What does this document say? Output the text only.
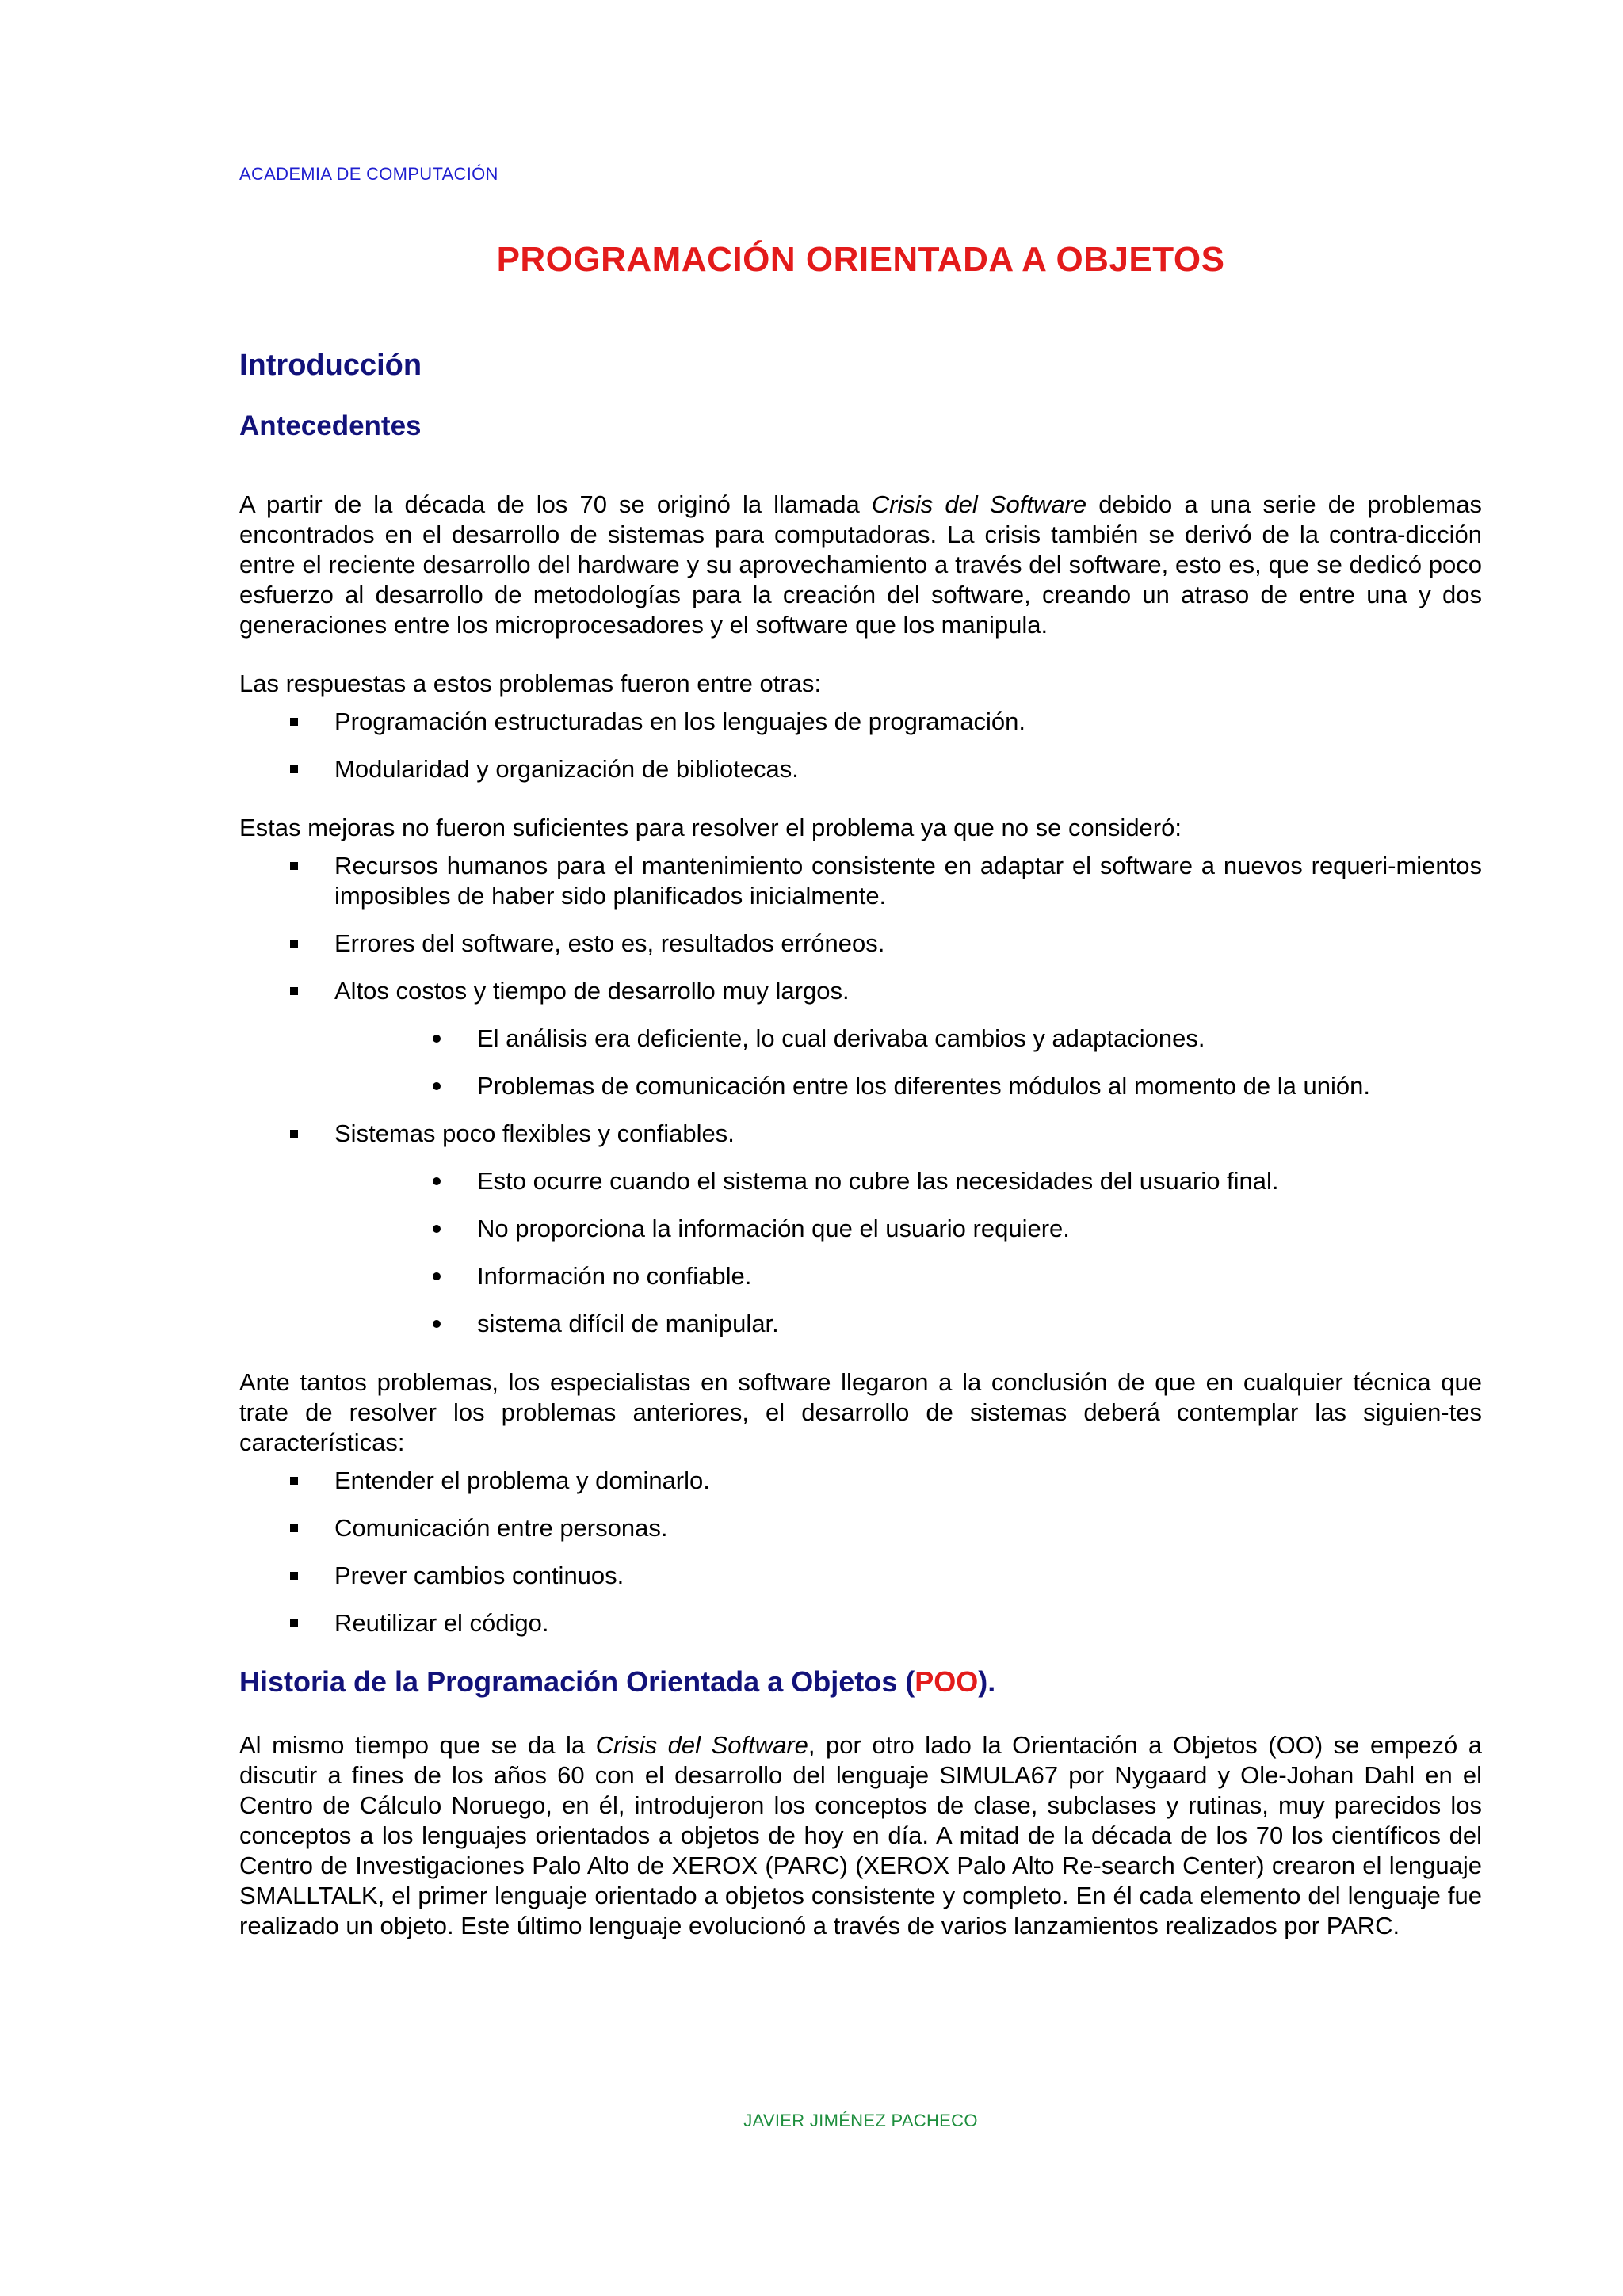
ACADEMIA DE COMPUTACIÓN
PROGRAMACIÓN ORIENTADA A OBJETOS
Introducción
Antecedentes

A partir de la década de los 70 se originó la llamada Crisis del Software debido a una serie de problemas encontrados en el desarrollo de sistemas para computadoras. La crisis también se derivó de la contra-dicción entre el reciente desarrollo del hardware y su aprovechamiento a través del software, esto es, que se dedicó poco esfuerzo al desarrollo de metodologías para la creación del software, creando un atraso de entre una y dos generaciones entre los microprocesadores y el software que los manipula.

Las respuestas a estos problemas fueron entre otras:

Programación estructuradas en los lenguajes de programación.
Modularidad y organización de bibliotecas.

Estas mejoras no fueron suficientes para resolver el problema ya que no se consideró:

Recursos humanos para el mantenimiento consistente en adaptar el software a nuevos requeri-mientos imposibles de haber sido planificados inicialmente.
Errores del software, esto es, resultados erróneos.
Altos costos y tiempo de desarrollo muy largos.
El análisis era deficiente, lo cual derivaba cambios y adaptaciones.
Problemas de comunicación entre los diferentes módulos al momento de la unión.
Sistemas poco flexibles y confiables.
Esto ocurre cuando el sistema no cubre las necesidades del usuario final.
No proporciona la información que el usuario requiere.
Información no confiable.
sistema difícil de manipular.

Ante tantos problemas, los especialistas en software llegaron a la conclusión de que en cualquier técnica que trate de resolver los problemas anteriores, el desarrollo de sistemas deberá contemplar las siguien-tes características:

Entender el problema y dominarlo.
Comunicación entre personas.
Prever cambios continuos.
Reutilizar el código.
Historia de la Programación Orientada a Objetos (POO).

Al mismo tiempo que se da la Crisis del Software, por otro lado la Orientación a Objetos (OO) se empezó a discutir a fines de los años 60 con el desarrollo del lenguaje SIMULA67 por Nygaard y Ole-Johan Dahl en el Centro de Cálculo Noruego, en él, introdujeron los conceptos de clase, subclases y rutinas, muy parecidos los conceptos a los lenguajes orientados a objetos de hoy en día. A mitad de la década de los 70 los científicos del Centro de Investigaciones Palo Alto de XEROX (PARC) (XEROX Palo Alto Re-search Center) crearon el lenguaje SMALLTALK, el primer lenguaje orientado a objetos consistente y completo. En él cada elemento del lenguaje fue realizado un objeto. Este último lenguaje evolucionó a través de varios lanzamientos realizados por PARC.

JAVIER JIMÉNEZ PACHECO
